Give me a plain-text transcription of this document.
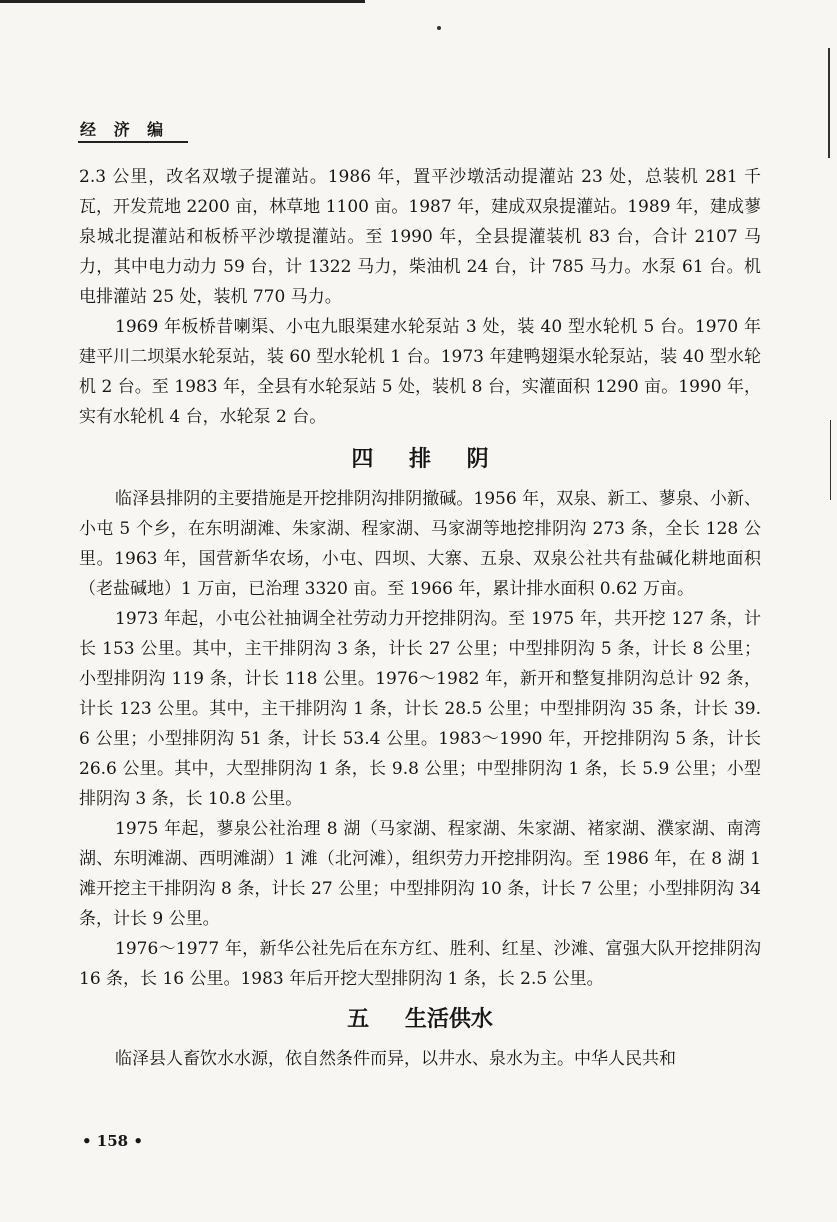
经 济 编

2.3 公里，改名双墩子提灌站。1986 年，置平沙墩活动提灌站 23 处，总装机 281 千瓦，开发荒地 2200 亩，林草地 1100 亩。1987 年，建成双泉提灌站。1989 年，建成蓼泉城北提灌站和板桥平沙墩提灌站。至 1990 年，全县提灌装机 83 台，合计 2107 马力，其中电力动力 59 台，计 1322 马力，柴油机 24 台，计 785 马力。水泵 61 台。机电排灌站 25 处，装机 770 马力。

1969 年板桥昔喇渠、小屯九眼渠建水轮泵站 3 处，装 40 型水轮机 5 台。1970 年建平川二坝渠水轮泵站，装 60 型水轮机 1 台。1973 年建鸭翅渠水轮泵站，装 40 型水轮机 2 台。至 1983 年，全县有水轮泵站 5 处，装机 8 台，实灌面积 1290 亩。1990 年，实有水轮机 4 台，水轮泵 2 台。

四 排 阴

临泽县排阴的主要措施是开挖排阴沟排阴撤碱。1956 年，双泉、新工、蓼泉、小新、小屯 5 个乡，在东明湖滩、朱家湖、程家湖、马家湖等地挖排阴沟 273 条，全长 128 公里。1963 年，国营新华农场，小屯、四坝、大寨、五泉、双泉公社共有盐碱化耕地面积（老盐碱地）1 万亩，已治理 3320 亩。至 1966 年，累计排水面积 0.62 万亩。

1973 年起，小屯公社抽调全社劳动力开挖排阴沟。至 1975 年，共开挖 127 条，计长 153 公里。其中，主干排阴沟 3 条，计长 27 公里；中型排阴沟 5 条，计长 8 公里；小型排阴沟 119 条，计长 118 公里。1976～1982 年，新开和整复排阴沟总计 92 条，计长 123 公里。其中，主干排阴沟 1 条，计长 28.5 公里；中型排阴沟 35 条，计长 39.6 公里；小型排阴沟 51 条，计长 53.4 公里。1983～1990 年，开挖排阴沟 5 条，计长 26.6 公里。其中，大型排阴沟 1 条，长 9.8 公里；中型排阴沟 1 条，长 5.9 公里；小型排阴沟 3 条，长 10.8 公里。

1975 年起，蓼泉公社治理 8 湖（马家湖、程家湖、朱家湖、褚家湖、濮家湖、南湾湖、东明滩湖、西明滩湖）1 滩（北河滩），组织劳力开挖排阴沟。至 1986 年，在 8 湖 1 滩开挖主干排阴沟 8 条，计长 27 公里；中型排阴沟 10 条，计长 7 公里；小型排阴沟 34 条，计长 9 公里。

1976～1977 年，新华公社先后在东方红、胜利、红星、沙滩、富强大队开挖排阴沟 16 条，长 16 公里。1983 年后开挖大型排阴沟 1 条，长 2.5 公里。

五 生活供水

临泽县人畜饮水水源，依自然条件而异，以井水、泉水为主。中华人民共和

• 158 •
